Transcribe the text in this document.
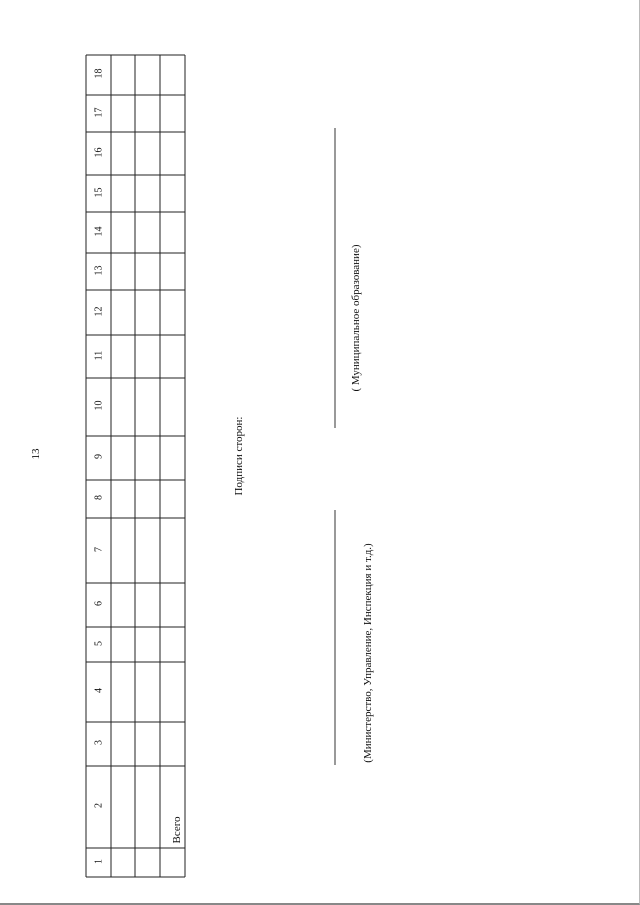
13
1
2
3
4
5
6
7
8
9
10
11
12
13
14
15
16
17
18
Всего
Подписи сторон:
(Министерство, Управление, Инспекция и т.д.)
( Муниципальное образование)
